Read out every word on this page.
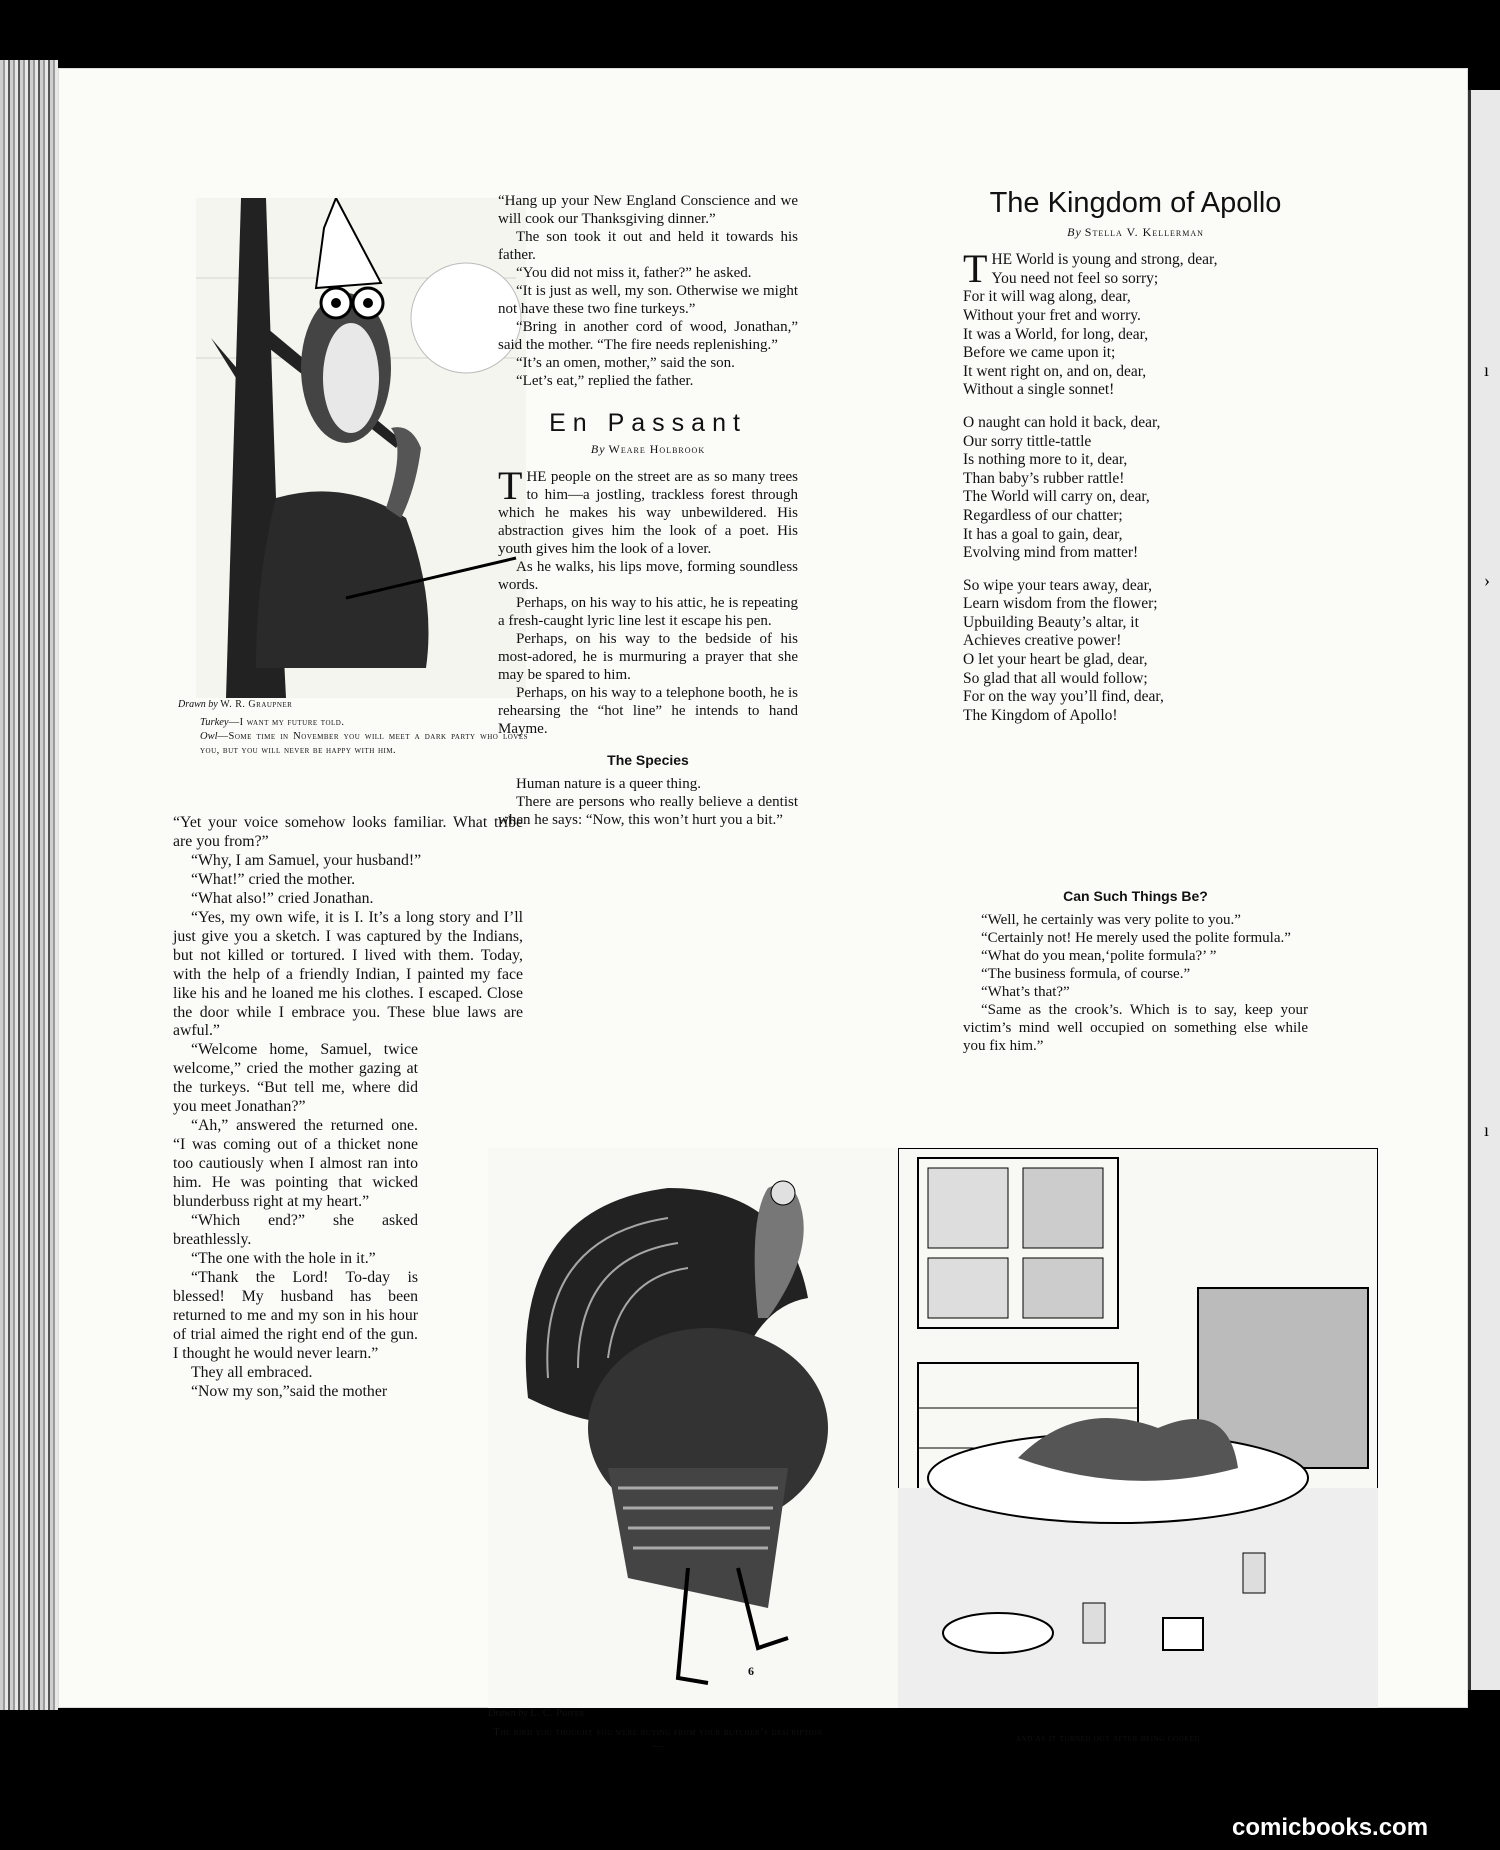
ı
›
ı
Drawn by W. R. Graupner
Turkey—I want my future told.
Owl—Some time in November you will meet a dark party who loves you, but you will never be happy with him.

“Yet your voice somehow looks familiar. What tribe are you from?”

“Why, I am Samuel, your husband!”

“What!” cried the mother.

“What also!” cried Jonathan.

“Yes, my own wife, it is I. It’s a long story and I’ll just give you a sketch. I was captured by the Indians, but not killed or tortured. I lived with them. Today, with the help of a friendly Indian, I painted my face like his and he loaned me his clothes. I escaped. Close the door while I embrace you. These blue laws are awful.”

“Welcome home, Samuel, twice welcome,” cried the mother gazing at the turkeys. “But tell me, where did you meet Jonathan?”

“Ah,” answered the returned one. “I was coming out of a thicket none too cautiously when I almost ran into him. He was pointing that wicked blunderbuss right at my heart.”

“Which end?” she asked breathlessly.

“The one with the hole in it.”

“Thank the Lord! To-day is blessed! My husband has been returned to me and my son in his hour of trial aimed the right end of the gun. I thought he would never learn.”

They all embraced.

“Now my son,”said the mother

“Hang up your New England Conscience and we will cook our Thanksgiving dinner.”

The son took it out and held it towards his father.

“You did not miss it, father?” he asked.

“It is just as well, my son. Otherwise we might not have these two fine turkeys.”

“Bring in another cord of wood, Jonathan,” said the mother. “The fire needs replenishing.”

“It’s an omen, mother,” said the son.

“Let’s eat,” replied the father.

En Passant
By Weare Holbrook

THE people on the street are as so many trees to him—a jostling, trackless forest through which he makes his way unbewildered. His abstraction gives him the look of a poet. His youth gives him the look of a lover.

As he walks, his lips move, forming soundless words.

Perhaps, on his way to his attic, he is repeating a fresh-caught lyric line lest it escape his pen.

Perhaps, on his way to the bedside of his most-adored, he is murmuring a prayer that she may be spared to him.

Perhaps, on his way to a telephone booth, he is rehearsing the “hot line” he intends to hand Mayme.

The Species

Human nature is a queer thing.

There are persons who really believe a dentist when he says: “Now, this won’t hurt you a bit.”

The Kingdom of Apollo
By Stella V. Kellerman

THE World is young and strong, dear,

You need not feel so sorry;

For it will wag along, dear,

Without your fret and worry.

It was a World, for long, dear,

Before we came upon it;

It went right on, and on, dear,

Without a single sonnet!

O naught can hold it back, dear,

Our sorry tittle-tattle

Is nothing more to it, dear,

Than baby’s rubber rattle!

The World will carry on, dear,

Regardless of our chatter;

It has a goal to gain, dear,

Evolving mind from matter!

So wipe your tears away, dear,

Learn wisdom from the flower;

Upbuilding Beauty’s altar, it

Achieves creative power!

O let your heart be glad, dear,

So glad that all would follow;

For on the way you’ll find, dear,

The Kingdom of Apollo!

Can Such Things Be?

“Well, he certainly was very polite to you.”

“Certainly not! He merely used the polite formula.”

“What do you mean,‘polite formula?’ ”

“The business formula, of course.”

“What’s that?”

“Same as the crook’s. Which is to say, keep your victim’s mind well occupied on something else while you fix him.”

Drawn by L. C. Phifer
The bird you thought you were buying from your butcher’s description—
and as it turned out after being cooked
6
comicbooks.com
